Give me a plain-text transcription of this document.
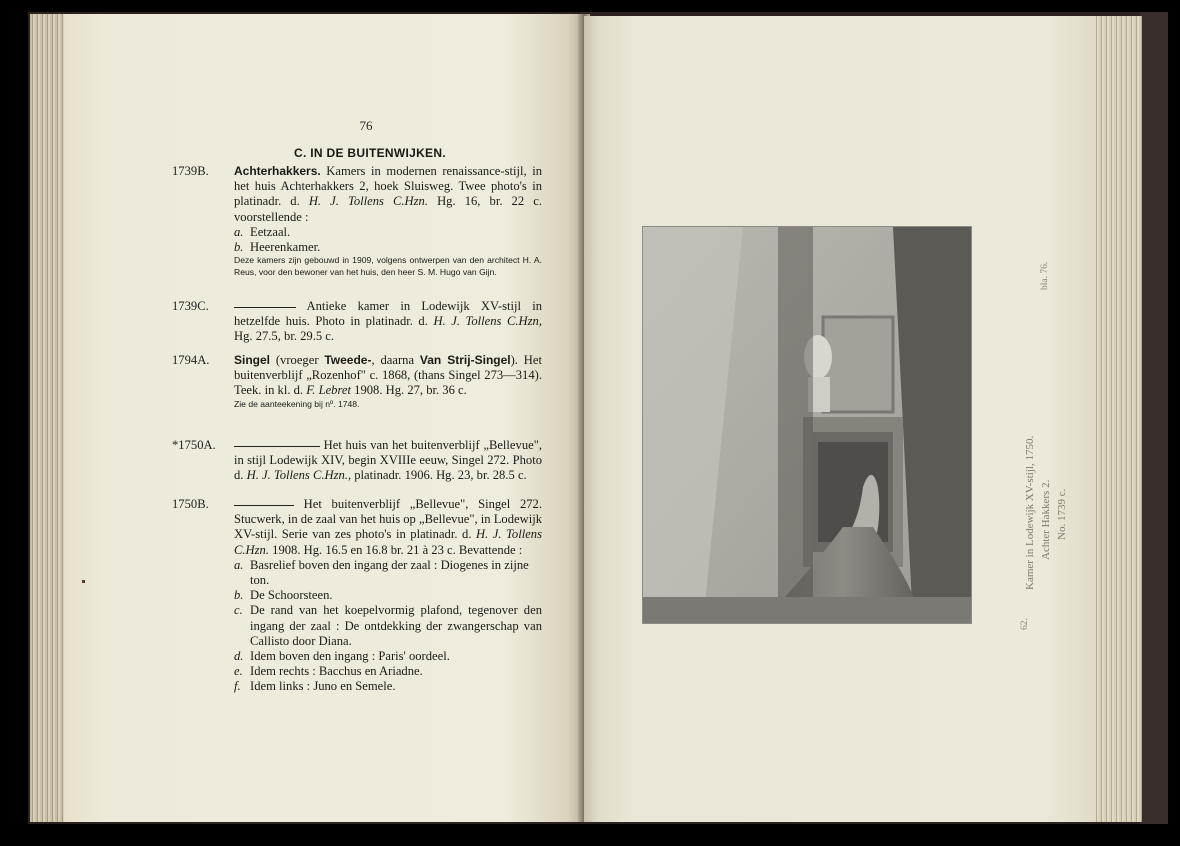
76
C. IN DE BUITENWIJKEN.
1739B.	Achterhakkers. Kamers in modernen renaissance-stijl, in het huis Achterhakkers 2, hoek Sluisweg. Twee photo's in platinadr. d. H. J. Tollens C.Hzn. Hg. 16, br. 22 c. voorstellende :

a. Eetzaal.

b. Heerenkamer.

Deze kamers zijn gebouwd in 1909, volgens ontwerpen van den architect H. A. Reus, voor den bewoner van het huis, den heer S. M. Hugo van Gijn.

1739C.	Antieke kamer in Lodewijk XV-stijl in hetzelfde huis. Photo in platinadr. d. H. J. Tollens C.Hzn, Hg. 27.5, br. 29.5 c.

1794A.	Singel (vroeger Tweede-, daarna Van Strij-Singel). Het buitenverblijf „Rozenhof" c. 1868, (thans Singel 273—314). Teek. in kl. d. F. Lebret 1908. Hg. 27, br. 36 c.

Zie de aanteekening bij nº. 1748.

*1750A.	Het huis van het buitenverblijf „Bellevue", in stijl Lodewijk XIV, begin XVIIIe eeuw, Singel 272. Photo d. H. J. Tollens C.Hzn., platinadr. 1906. Hg. 23, br. 28.5 c.

1750B.	Het buitenverblijf „Bellevue", Singel 272. Stucwerk, in de zaal van het huis op „Bellevue", in Lodewijk XV-stijl. Serie van zes photo's in platinadr. d. H. J. Tollens C.Hzn. 1908. Hg. 16.5 en 16.8 br. 21 à 23 c. Bevattende :

a. Basrelief boven den ingang der zaal : Diogenes in zijne ton.

b. De Schoorsteen.

c. De rand van het koepelvormig plafond, tegenover den ingang der zaal : De ontdekking der zwangerschap van Callisto door Diana.

d. Idem boven den ingang : Paris' oordeel.

e. Idem rechts : Bacchus en Ariadne.

f. Idem links : Juno en Semele.

62.
Kamer in Lodewijk XV-stijl, 1750. Achter Hakkers 2. No. 1739 c.
bla. 76.
